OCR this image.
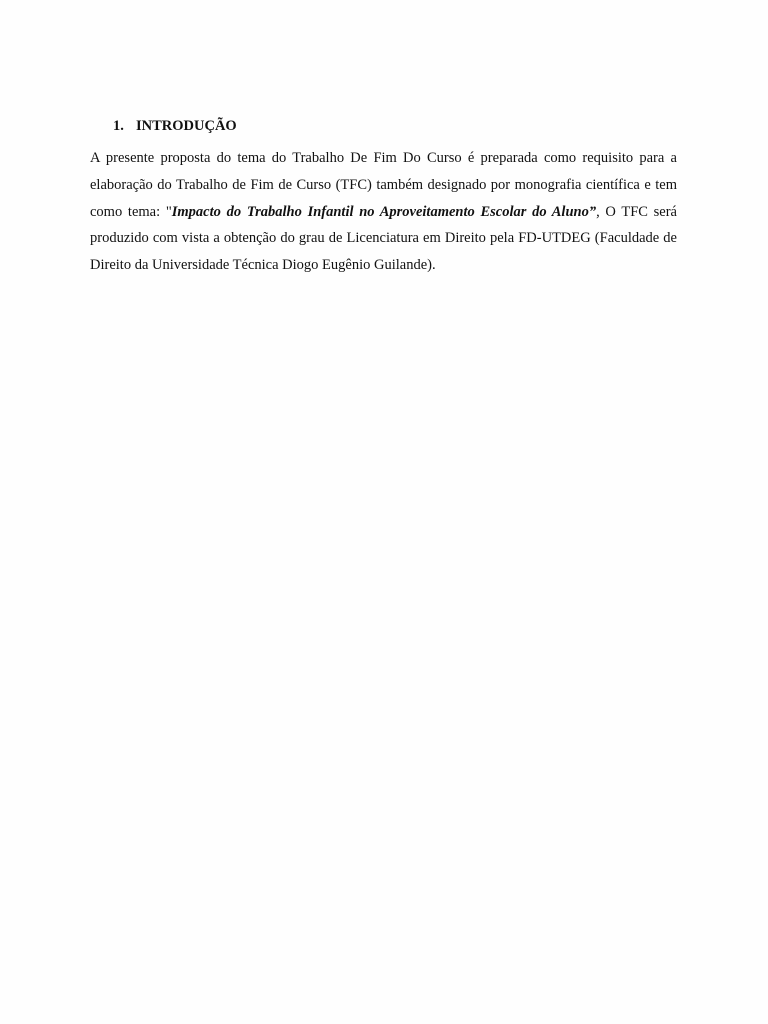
1. INTRODUÇÃO

A presente proposta do tema do Trabalho De Fim Do Curso é preparada como requisito para a elaboração do Trabalho de Fim de Curso (TFC) também designado por monografia científica e tem como tema: "Impacto do Trabalho Infantil no Aproveitamento Escolar do Aluno”, O TFC será produzido com vista a obtenção do grau de Licenciatura em Direito pela FD-UTDEG (Faculdade de Direito da Universidade Técnica Diogo Eugênio Guilande).
